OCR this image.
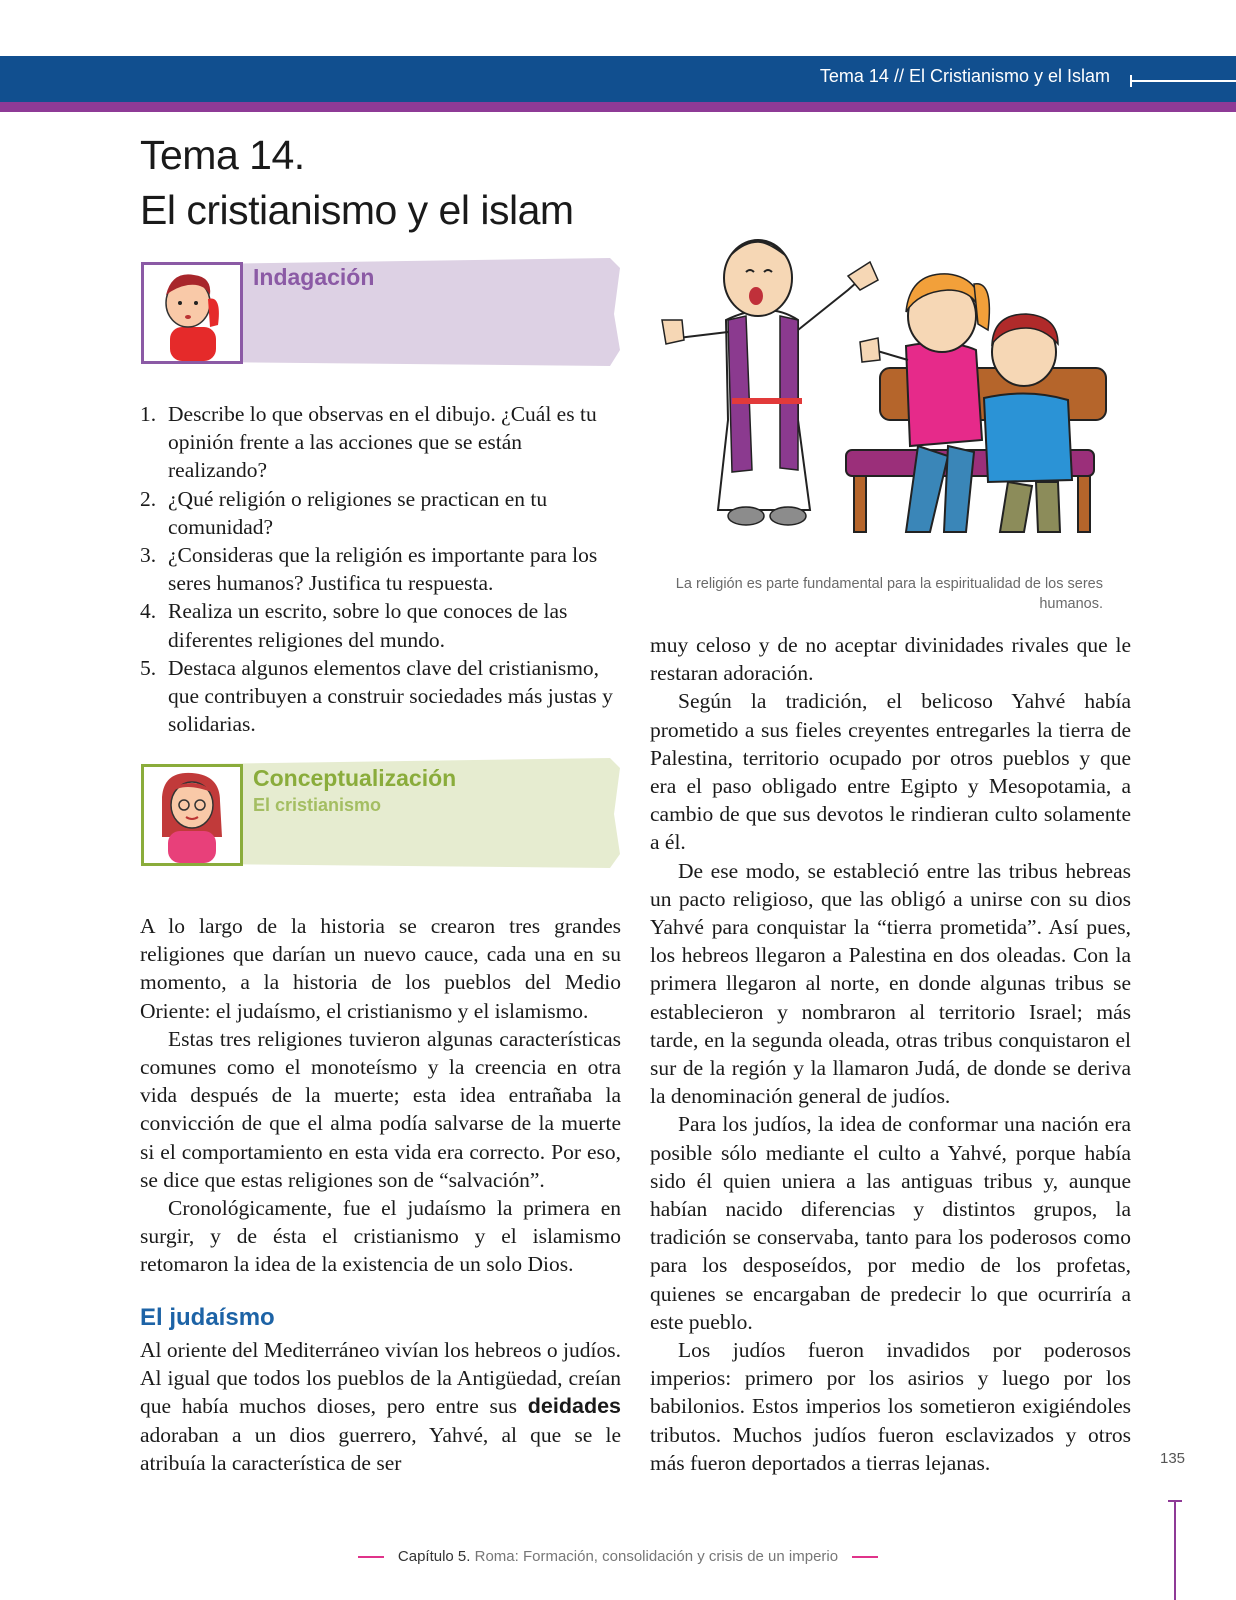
Tema 14 // El Cristianismo y el Islam
Tema 14.
El cristianismo y el islam
Indagación
1. Describe lo que observas en el dibujo. ¿Cuál es tu opinión frente a las acciones que se están realizando?
2. ¿Qué religión o religiones se practican en tu comunidad?
3. ¿Consideras que la religión es importante para los seres humanos? Justifica tu respuesta.
4. Realiza un escrito, sobre lo que conoces de las diferentes religiones del mundo.
5. Destaca algunos elementos clave del cristianismo, que contribuyen a construir sociedades más justas y solidarias.
Conceptualización
El cristianismo

A lo largo de la historia se crearon tres grandes religiones que darían un nuevo cauce, cada una en su momento, a la historia de los pueblos del Medio Oriente: el judaísmo, el cristianismo y el islamismo.

Estas tres religiones tuvieron algunas características comunes como el monoteísmo y la creencia en otra vida después de la muerte; esta idea entrañaba la convicción de que el alma podía salvarse de la muerte si el comportamiento en esta vida era correcto. Por eso, se dice que estas religiones son de “salvación”.

Cronológicamente, fue el judaísmo la primera en surgir, y de ésta el cristianismo y el islamismo retomaron la idea de la existencia de un solo Dios.

El judaísmo

Al oriente del Mediterráneo vivían los hebreos o judíos. Al igual que todos los pueblos de la Antigüedad, creían que había muchos dioses, pero entre sus deidades adoraban a un dios guerrero, Yahvé, al que se le atribuía la característica de ser

La religión es parte fundamental para la espiritualidad de los seres humanos.

muy celoso y de no aceptar divinidades rivales que le restaran adoración.

Según la tradición, el belicoso Yahvé había prometido a sus fieles creyentes entregarles la tierra de Palestina, territorio ocupado por otros pueblos y que era el paso obligado entre Egipto y Mesopotamia, a cambio de que sus devotos le rindieran culto solamente a él.

De ese modo, se estableció entre las tribus hebreas un pacto religioso, que las obligó a unirse con su dios Yahvé para conquistar la “tierra prometida”. Así pues, los hebreos llegaron a Palestina en dos oleadas. Con la primera llegaron al norte, en donde algunas tribus se establecieron y nombraron al territorio Israel; más tarde, en la segunda oleada, otras tribus conquistaron el sur de la región y la llamaron Judá, de donde se deriva la denominación general de judíos.

Para los judíos, la idea de conformar una nación era posible sólo mediante el culto a Yahvé, porque había sido él quien uniera a las antiguas tribus y, aunque habían nacido diferencias y distintos grupos, la tradición se conservaba, tanto para los poderosos como para los desposeídos, por medio de los profetas, quienes se encargaban de predecir lo que ocurriría a este pueblo.

Los judíos fueron invadidos por poderosos imperios: primero por los asirios y luego por los babilonios. Estos imperios los sometieron exigiéndoles tributos. Muchos judíos fueron esclavizados y otros más fueron deportados a tierras lejanas.	135
Capítulo 5. Roma: Formación, consolidación y crisis de un imperio
